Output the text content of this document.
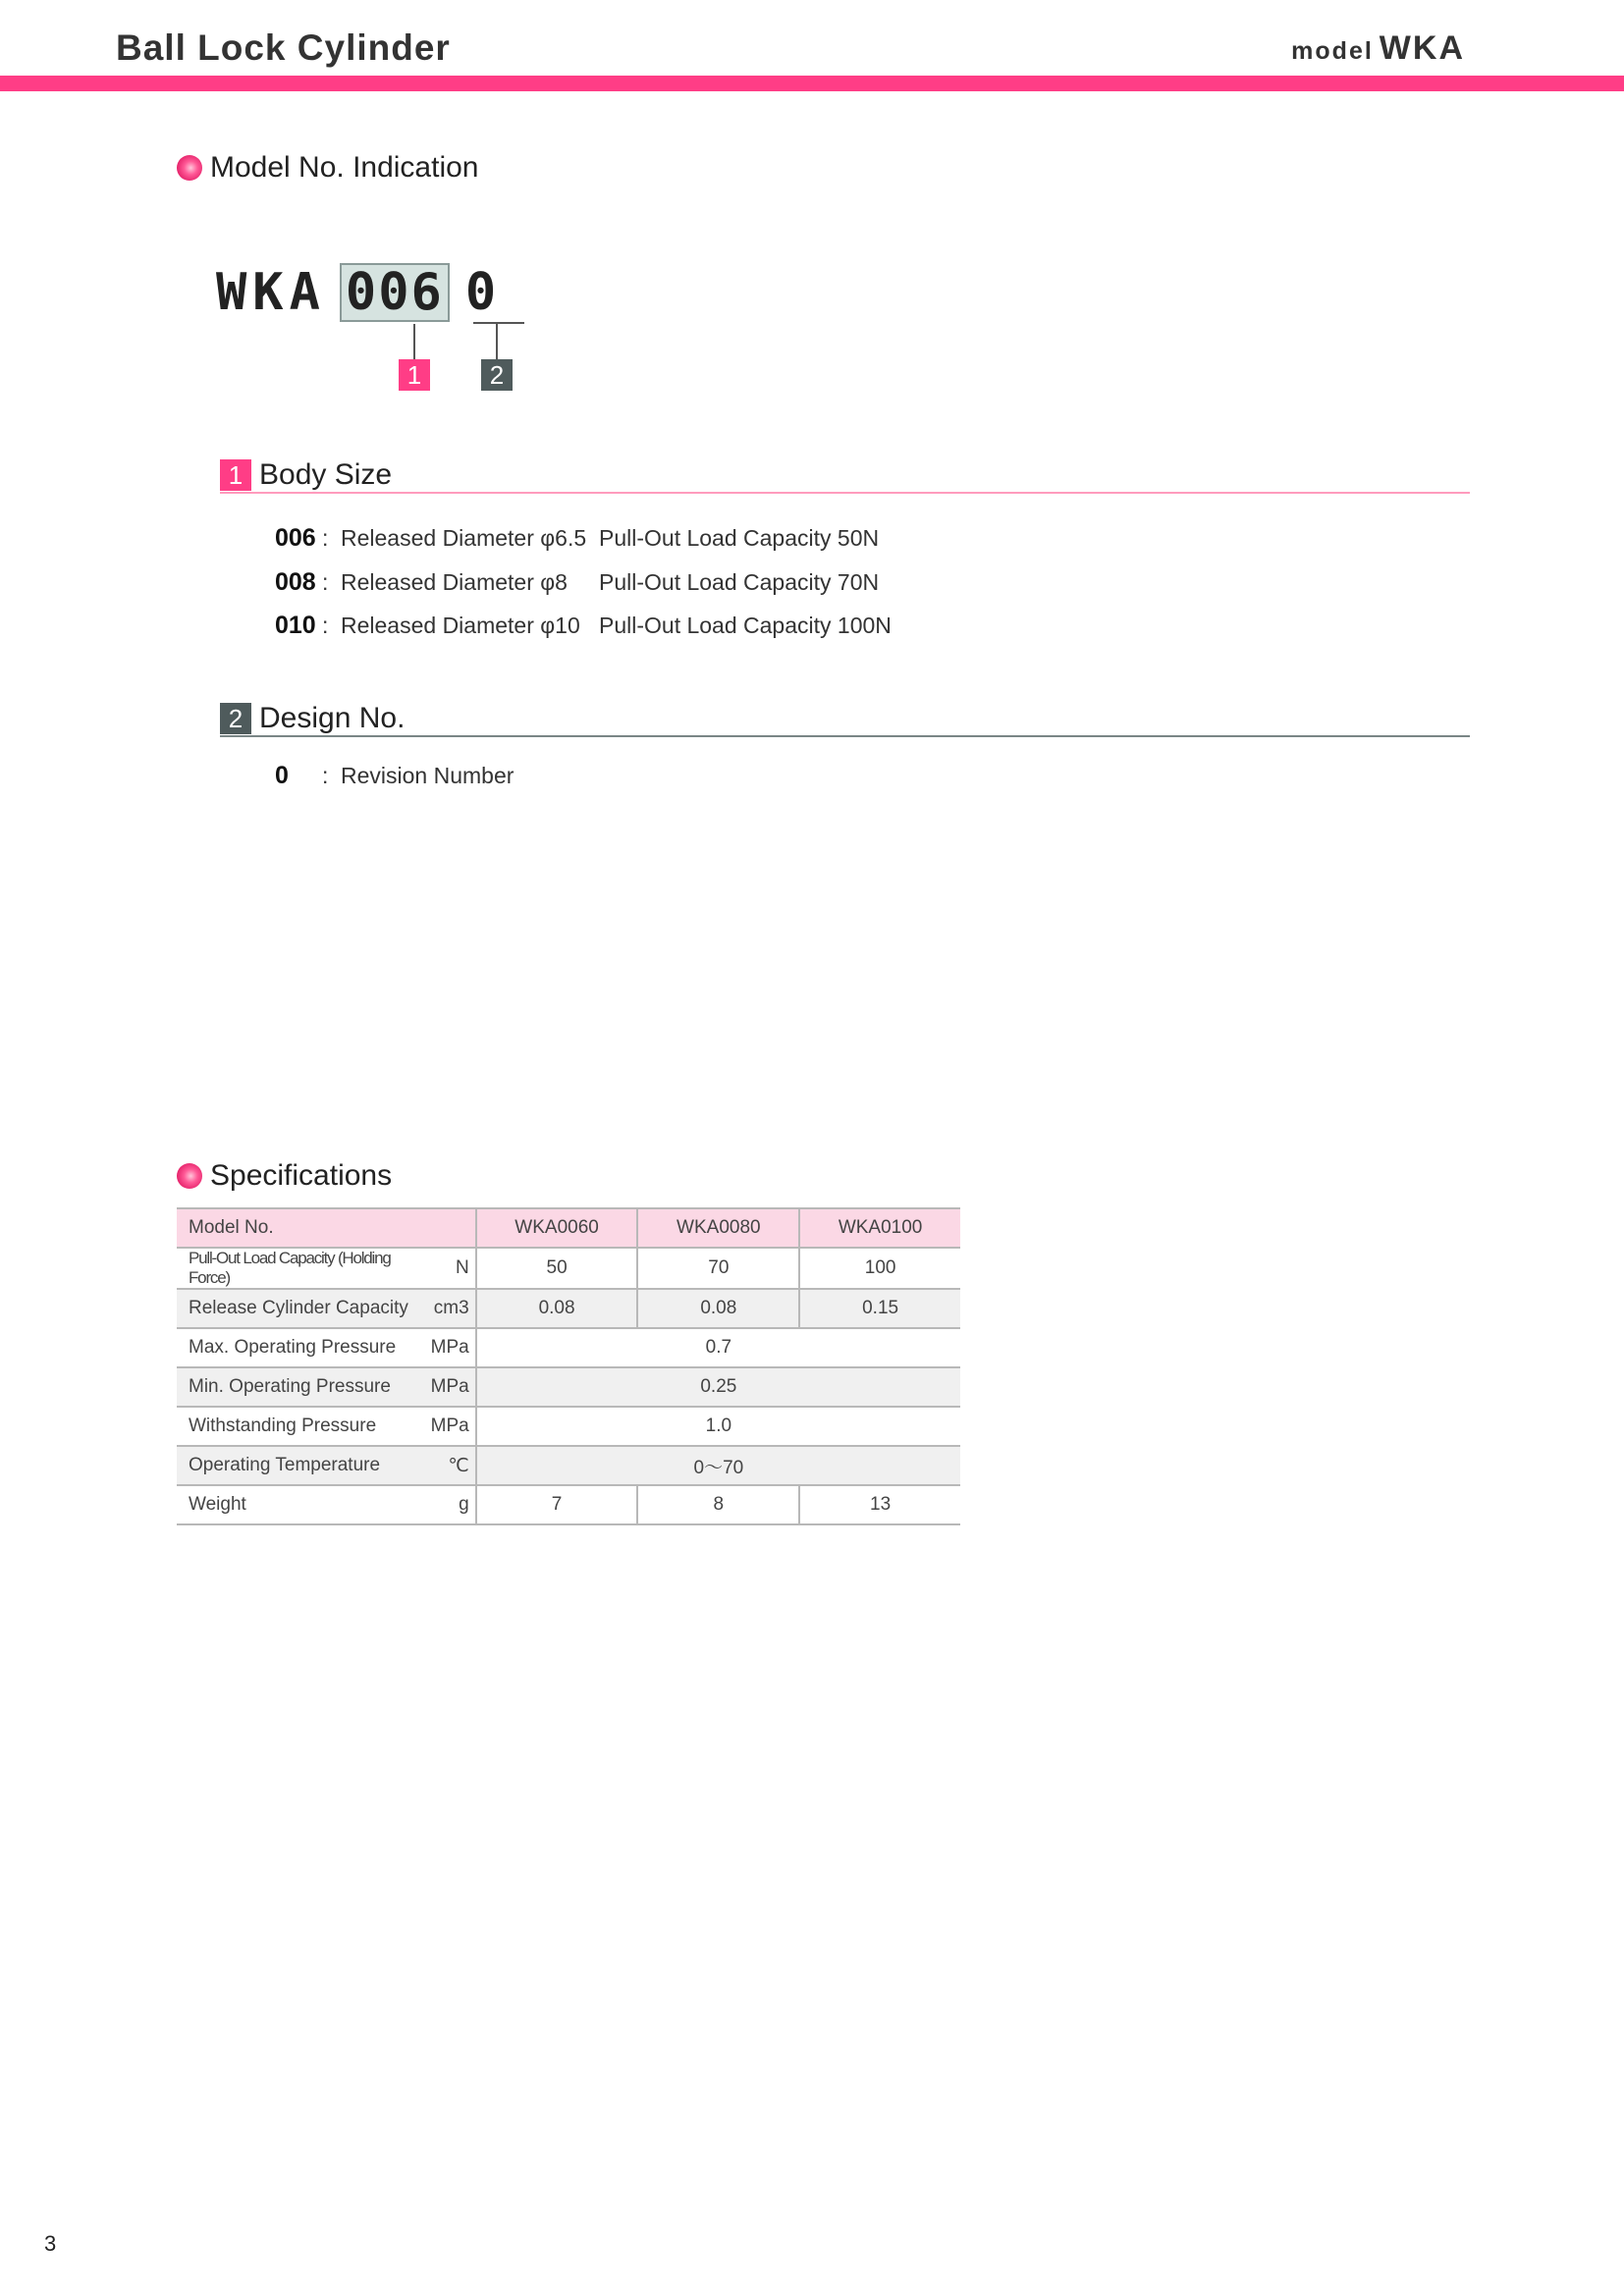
Ball Lock Cylinder	model WKA
Model No. Indication
WKA 006 0
1	2
1 Body Size
006 : Released Diameter φ6.5 Pull-Out Load Capacity 50N
008 : Released Diameter φ8 Pull-Out Load Capacity 70N
010 : Released Diameter φ10 Pull-Out Load Capacity 100N
2 Design No.
0 : Revision Number
Specifications
Model No.		WKA0060	WKA0080	WKA0100
Pull-Out Load Capacity (Holding Force)	N	50	70	100
Release Cylinder Capacity	cm3	0.08	0.08	0.15
Max. Operating Pressure	MPa	0.7		
Min. Operating Pressure	MPa	0.25		
Withstanding Pressure	MPa	1.0		
Operating Temperature	℃	0～70		
Weight	g	7	8	13
3
